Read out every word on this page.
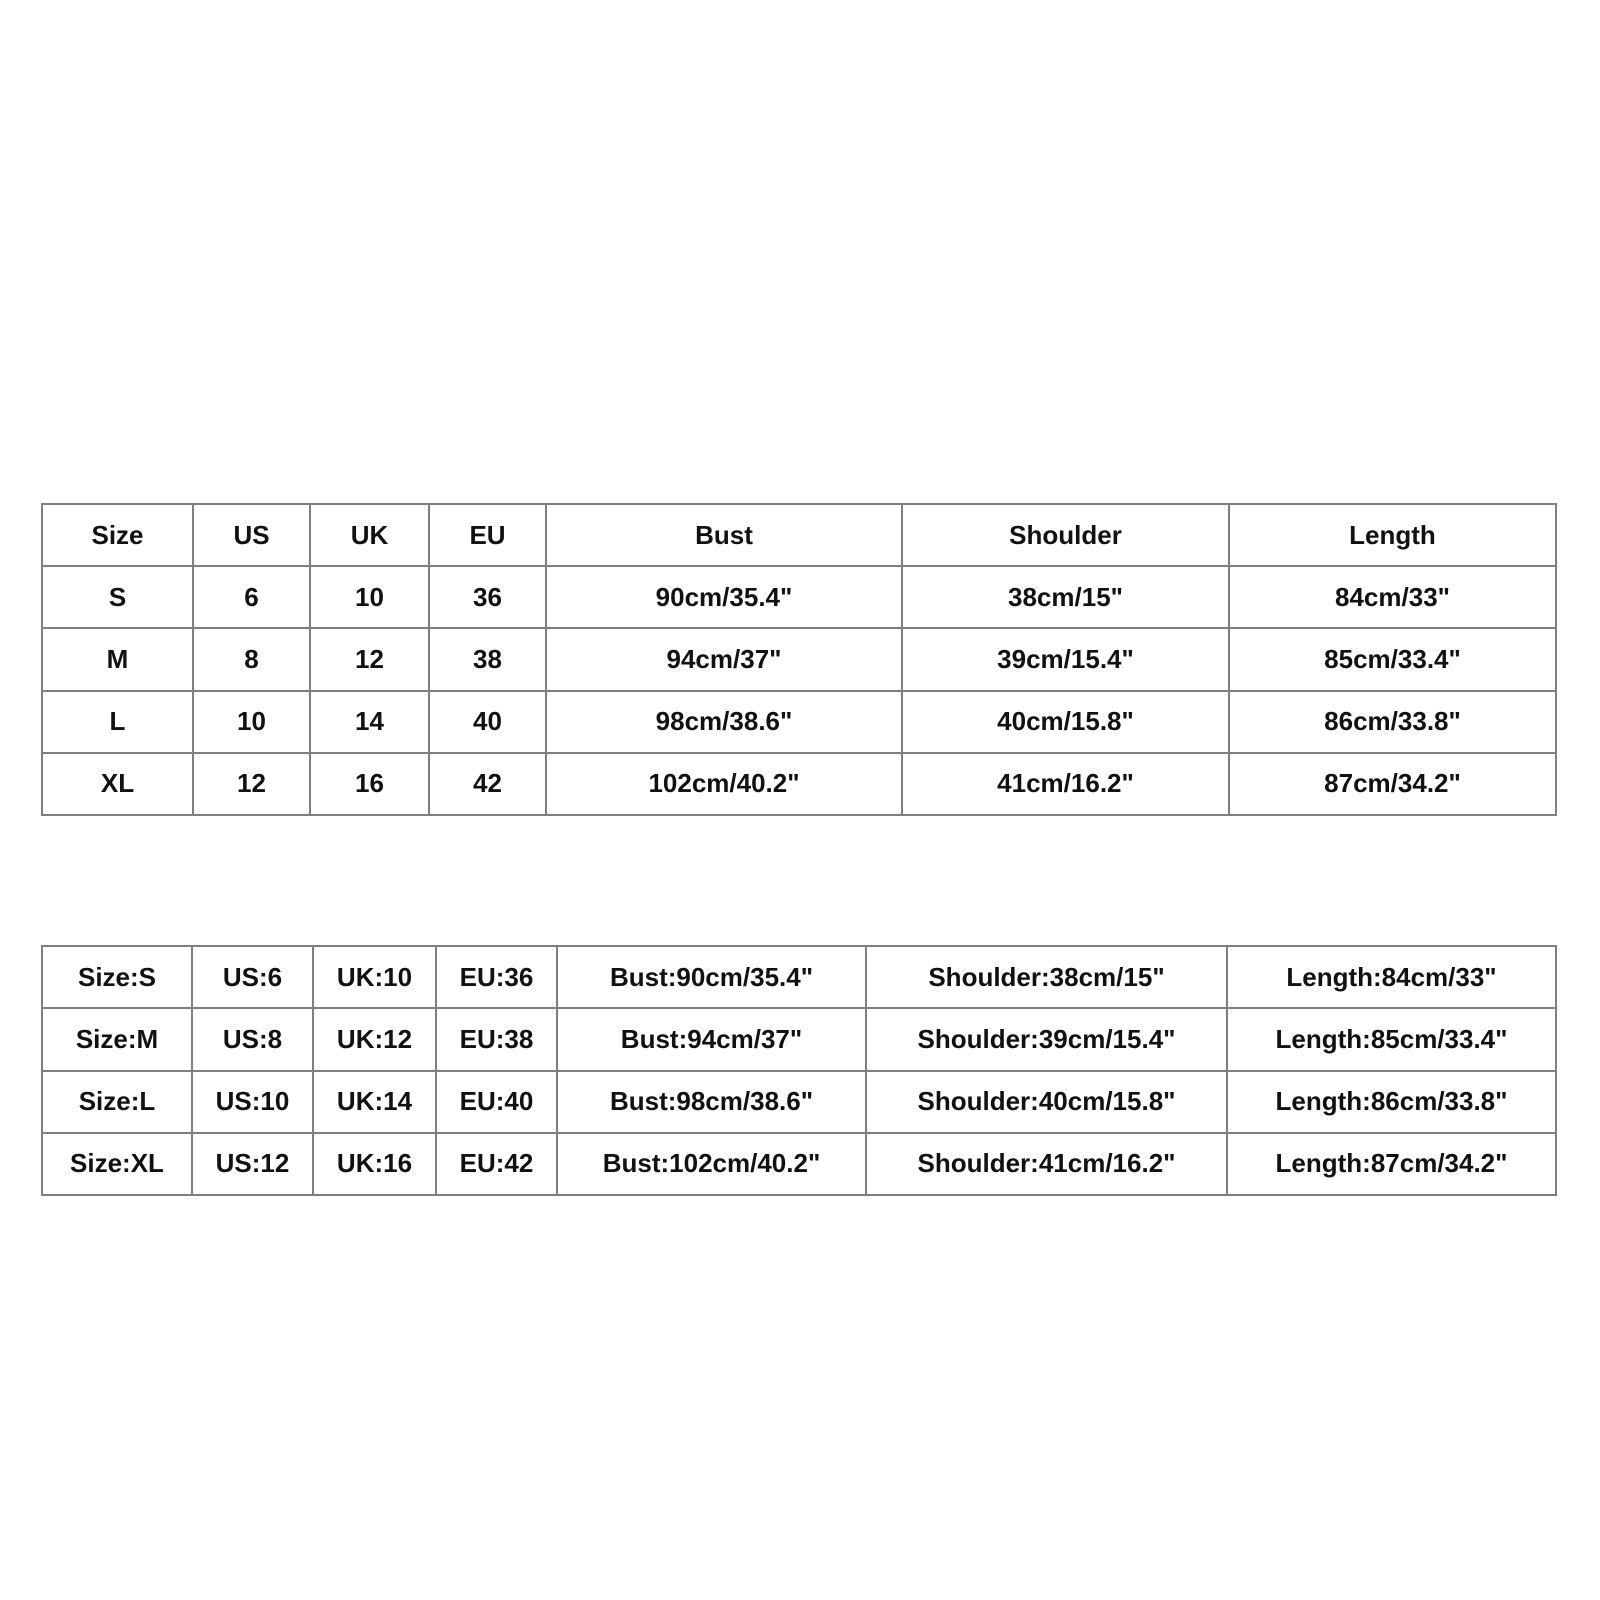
Size	US	UK	EU	Bust	Shoulder	Length
S	6	10	36	90cm/35.4"	38cm/15"	84cm/33"
M	8	12	38	94cm/37"	39cm/15.4"	85cm/33.4"
L	10	14	40	98cm/38.6"	40cm/15.8"	86cm/33.8"
XL	12	16	42	102cm/40.2"	41cm/16.2"	87cm/34.2"
Size:S	US:6	UK:10	EU:36	Bust:90cm/35.4"	Shoulder:38cm/15"	Length:84cm/33"
Size:M	US:8	UK:12	EU:38	Bust:94cm/37"	Shoulder:39cm/15.4"	Length:85cm/33.4"
Size:L	US:10	UK:14	EU:40	Bust:98cm/38.6"	Shoulder:40cm/15.8"	Length:86cm/33.8"
Size:XL	US:12	UK:16	EU:42	Bust:102cm/40.2"	Shoulder:41cm/16.2"	Length:87cm/34.2"
